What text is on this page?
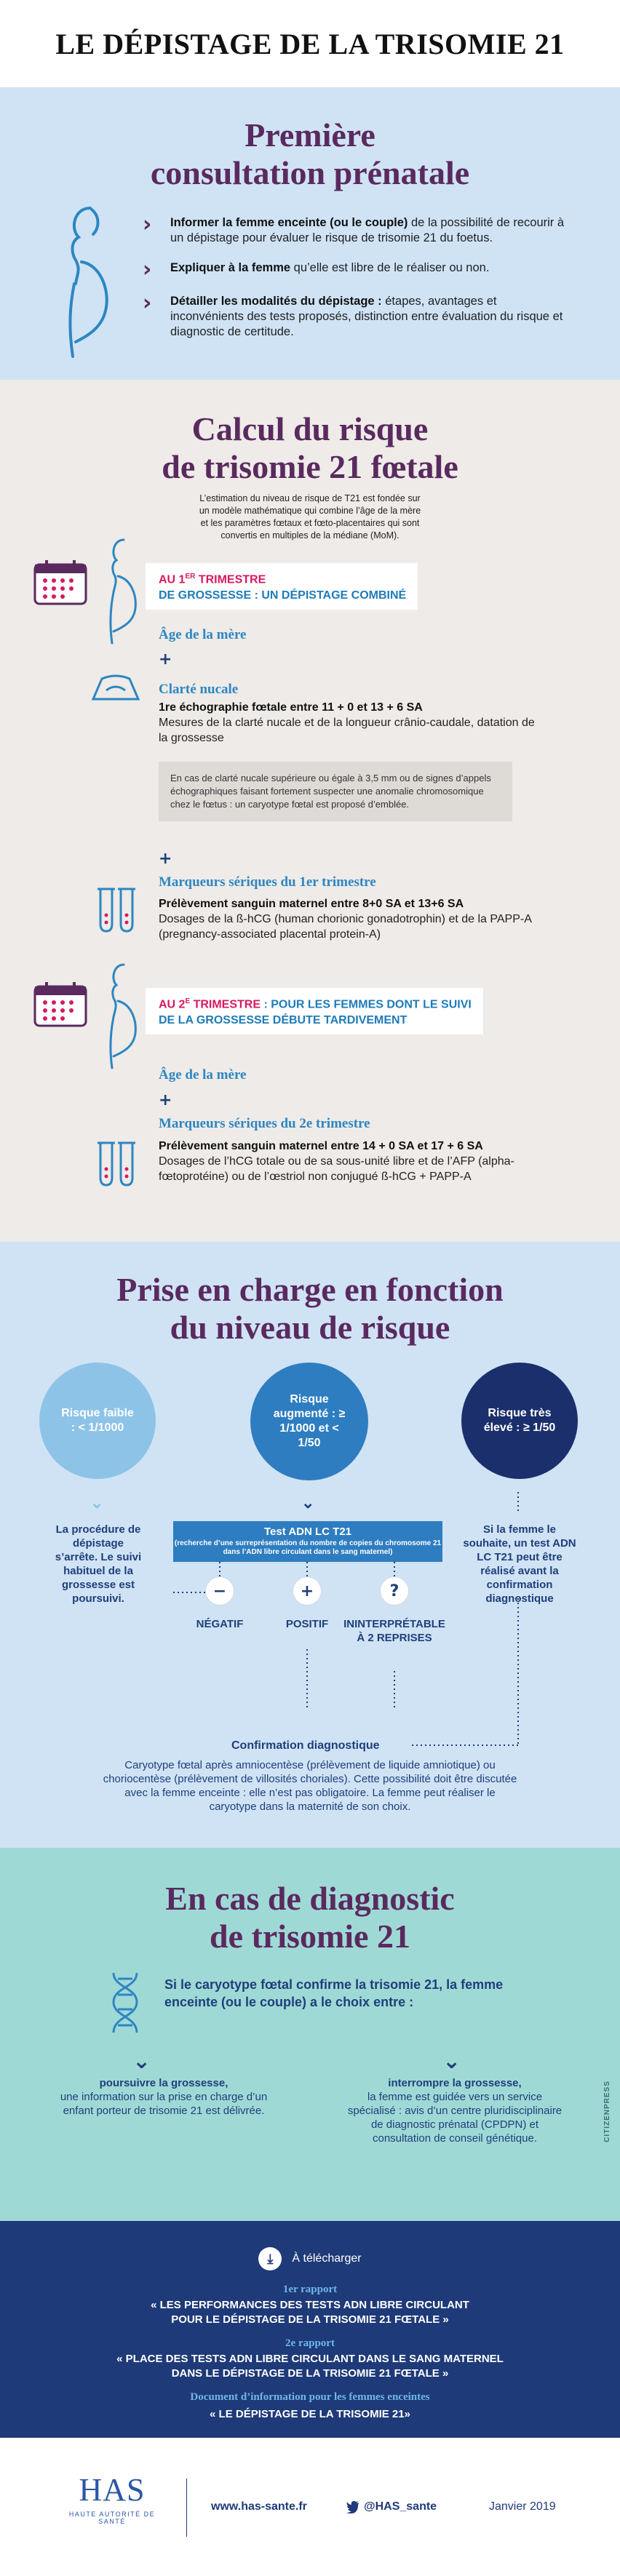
LE DÉPISTAGE DE LA TRISOMIE 21
Première
consultation prénatale
›	Informer la femme enceinte (ou le couple) de la possibilité de recourir à un dépistage pour évaluer le risque de trisomie 21 du foetus.
›	Expliquer à la femme qu’elle est libre de le réaliser ou non.
›	Détailler les modalités du dépistage : étapes, avantages et inconvénients des tests proposés, distinction entre évaluation du risque et diagnostic de certitude.
Calcul du risque
de trisomie 21 fœtale
L’estimation du niveau de risque de T21 est fondée sur un modèle mathématique qui combine l’âge de la mère et les paramètres fœtaux et fœto-placentaires qui sont convertis en multiples de la médiane (MoM).
AU 1ER TRIMESTRE
DE GROSSESSE : UN DÉPISTAGE COMBINÉ
Âge de la mère
+
Clarté nucale
1re échographie fœtale entre 11 + 0 et 13 + 6 SA
Mesures de la clarté nucale et de la longueur crânio-caudale, datation de la grossesse
En cas de clarté nucale supérieure ou égale à 3,5 mm ou de signes d’appels échographiques faisant fortement suspecter une anomalie chromosomique chez le fœtus : un caryotype fœtal est proposé d’emblée.
+
Marqueurs sériques du 1er trimestre
Prélèvement sanguin maternel entre 8+0 SA et 13+6 SA
Dosages de la ß-hCG (human chorionic gonadotrophin) et de la PAPP-A (pregnancy-associated placental protein-A)
AU $2^E$ TRIMESTRE : POUR LES FEMMES DONT LE SUIVI
DE LA GROSSESSE DÉBUTE TARDIVEMENT
Âge de la mère
+
Marqueurs sériques du 2e trimestre
Prélèvement sanguin maternel entre 14 + 0 SA et 17 + 6 SA
Dosages de l’hCG totale ou de sa sous-unité libre et de l’AFP (alpha-fœtoprotéine) ou de l’œstriol non conjugué ß-hCG + PAPP-A
Prise en charge en fonction
du niveau de risque
Risque faible : < 1/1000
Risque augmenté : ≥ 1/1000 et < 1/50
Risque très élevé : ≥ 1/50
⌄	⌄
La procédure de dépistage s’arrête. Le suivi habituel de la grossesse est poursuivi.
Si la femme le souhaite, un test ADN LC T21 peut être réalisé avant la confirmation diagnostique
Test ADN LC T21
(recherche d’une surreprésentation du nombre de copies du chromosome 21 dans l’ADN libre circulant dans le sang maternel)
−	+	?
NÉGATIF	POSITIF	ININTERPRÉTABLE À 2 REPRISES
Confirmation diagnostique
Caryotype fœtal après amniocentèse (prélèvement de liquide amniotique) ou choriocentèse (prélèvement de villosités choriales). Cette possibilité doit être discutée avec la femme enceinte : elle n’est pas obligatoire. La femme peut réaliser le caryotype dans la maternité de son choix.
En cas de diagnostic
de trisomie 21
Si le caryotype fœtal confirme la trisomie 21, la femme enceinte (ou le couple) a le choix entre :
⌄	⌄
poursuivre la grossesse,
une information sur la prise en charge d’un enfant porteur de trisomie 21 est délivrée.
interrompre la grossesse,
la femme est guidée vers un service spécialisé : avis d’un centre pluridisciplinaire de diagnostic prénatal (CPDPN) et consultation de conseil génétique.	CITIZENPRESS
⤓	À télécharger
1er rapport
« LES PERFORMANCES DES TESTS ADN LIBRE CIRCULANT POUR LE DÉPISTAGE DE LA TRISOMIE 21 FŒTALE »
2e rapport
« PLACE DES TESTS ADN LIBRE CIRCULANT DANS LE SANG MATERNEL DANS LE DÉPISTAGE DE LA TRISOMIE 21 FŒTALE »
Document d’information pour les femmes enceintes
« LE DÉPISTAGE DE LA TRISOMIE 21»
HAS
HAUTE AUTORITÉ DE SANTÉ
www.has-sante.fr	@HAS_sante	Janvier 2019
